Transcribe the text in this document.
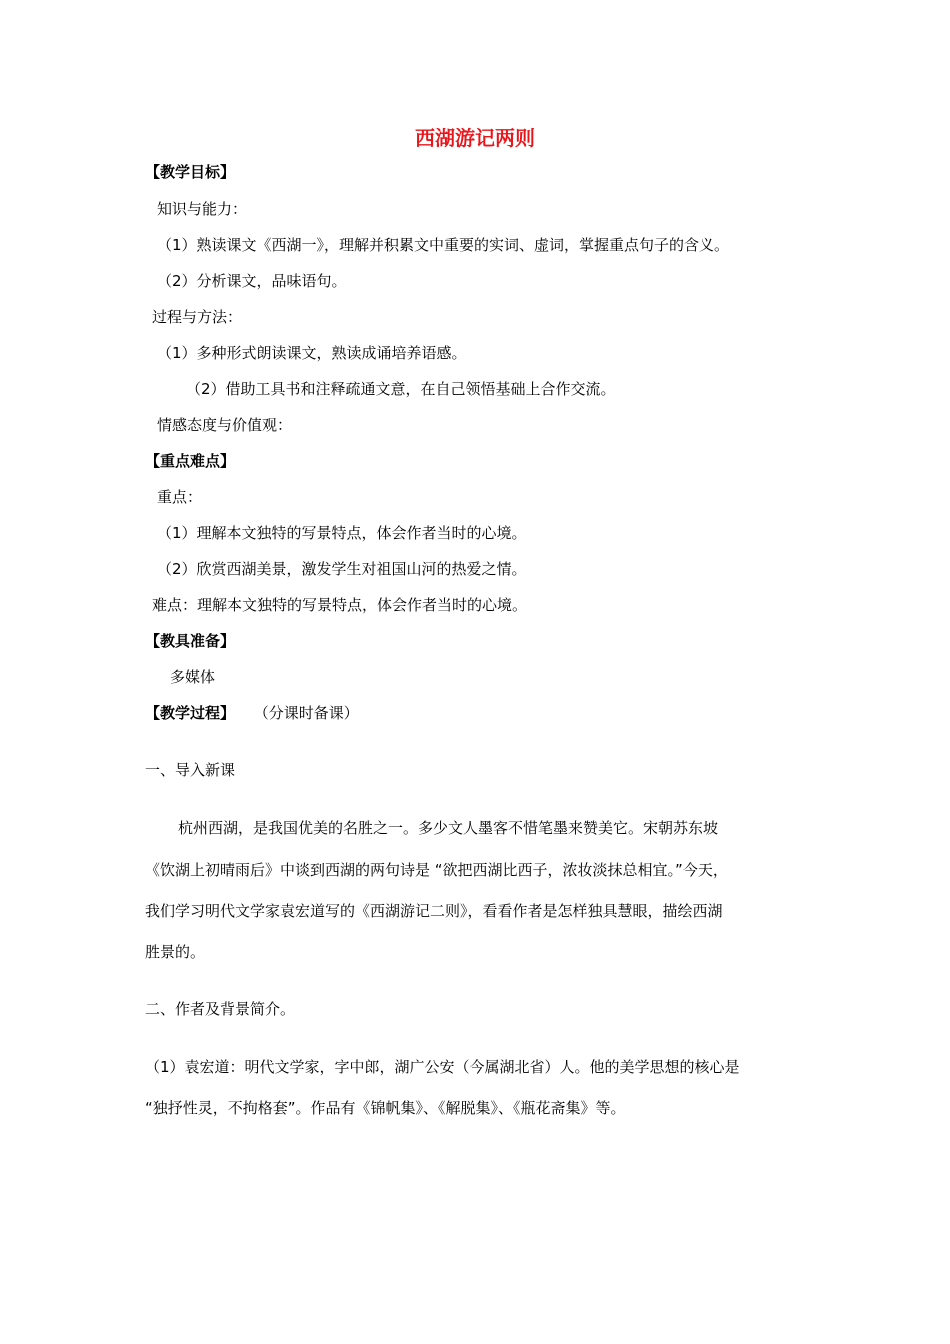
西湖游记两则
【教学目标】
知识与能力：
（1）熟读课文《西湖一》，理解并积累文中重要的实词、虚词，掌握重点句子的含义。
（2）分析课文，品味语句。
过程与方法：
（1）多种形式朗读课文，熟读成诵培养语感。
（2）借助工具书和注释疏通文意，在自己领悟基础上合作交流。
情感态度与价值观：
【重点难点】
重点：
（1）理解本文独特的写景特点，体会作者当时的心境。
（2）欣赏西湖美景，激发学生对祖国山河的热爱之情。
难点：理解本文独特的写景特点，体会作者当时的心境。
【教具准备】
多媒体
【教学过程】 （分课时备课）
一、导入新课
杭州西湖，是我国优美的名胜之一。多少文人墨客不惜笔墨来赞美它。宋朝苏东坡
《饮湖上初晴雨后》中谈到西湖的两句诗是 “欲把西湖比西子，浓妆淡抹总相宜。”今天，
我们学习明代文学家袁宏道写的《西湖游记二则》，看看作者是怎样独具慧眼，描绘西湖
胜景的。
二、作者及背景简介。
（1）袁宏道：明代文学家，字中郎，湖广公安（今属湖北省）人。他的美学思想的核心是
“独抒性灵，不拘格套”。作品有《锦帆集》、《解脱集》、《瓶花斋集》等。
